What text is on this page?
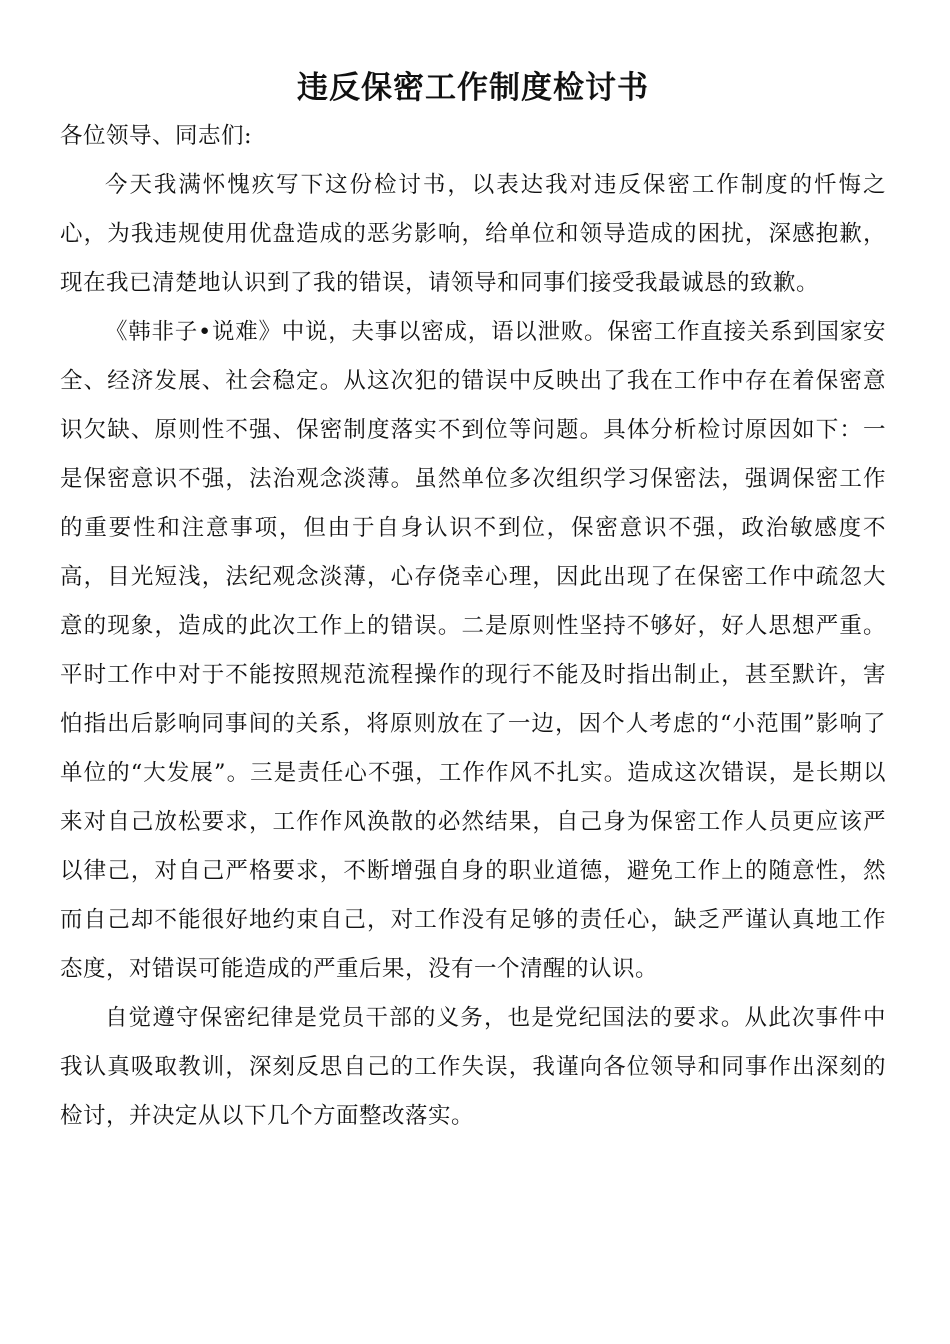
违反保密工作制度检讨书

各位领导、同志们:

今天我满怀愧疚写下这份检讨书，以表达我对违反保密工作制度的忏悔之心，为我违规使用优盘造成的恶劣影响，给单位和领导造成的困扰，深感抱歉，现在我已清楚地认识到了我的错误，请领导和同事们接受我最诚恳的致歉。

《韩非子•说难》中说，夫事以密成，语以泄败。保密工作直接关系到国家安全、经济发展、社会稳定。从这次犯的错误中反映出了我在工作中存在着保密意识欠缺、原则性不强、保密制度落实不到位等问题。具体分析检讨原因如下：一是保密意识不强，法治观念淡薄。虽然单位多次组织学习保密法，强调保密工作的重要性和注意事项，但由于自身认识不到位，保密意识不强，政治敏感度不高，目光短浅，法纪观念淡薄，心存侥幸心理，因此出现了在保密工作中疏忽大意的现象，造成的此次工作上的错误。二是原则性坚持不够好，好人思想严重。平时工作中对于不能按照规范流程操作的现行不能及时指出制止，甚至默许，害怕指出后影响同事间的关系，将原则放在了一边，因个人考虑的“小范围”影响了单位的“大发展”。三是责任心不强，工作作风不扎实。造成这次错误，是长期以来对自己放松要求，工作作风涣散的必然结果，自己身为保密工作人员更应该严以律己，对自己严格要求，不断增强自身的职业道德，避免工作上的随意性，然而自己却不能很好地约束自己，对工作没有足够的责任心，缺乏严谨认真地工作态度，对错误可能造成的严重后果，没有一个清醒的认识。

自觉遵守保密纪律是党员干部的义务，也是党纪国法的要求。从此次事件中我认真吸取教训，深刻反思自己的工作失误，我谨向各位领导和同事作出深刻的检讨，并决定从以下几个方面整改落实。
